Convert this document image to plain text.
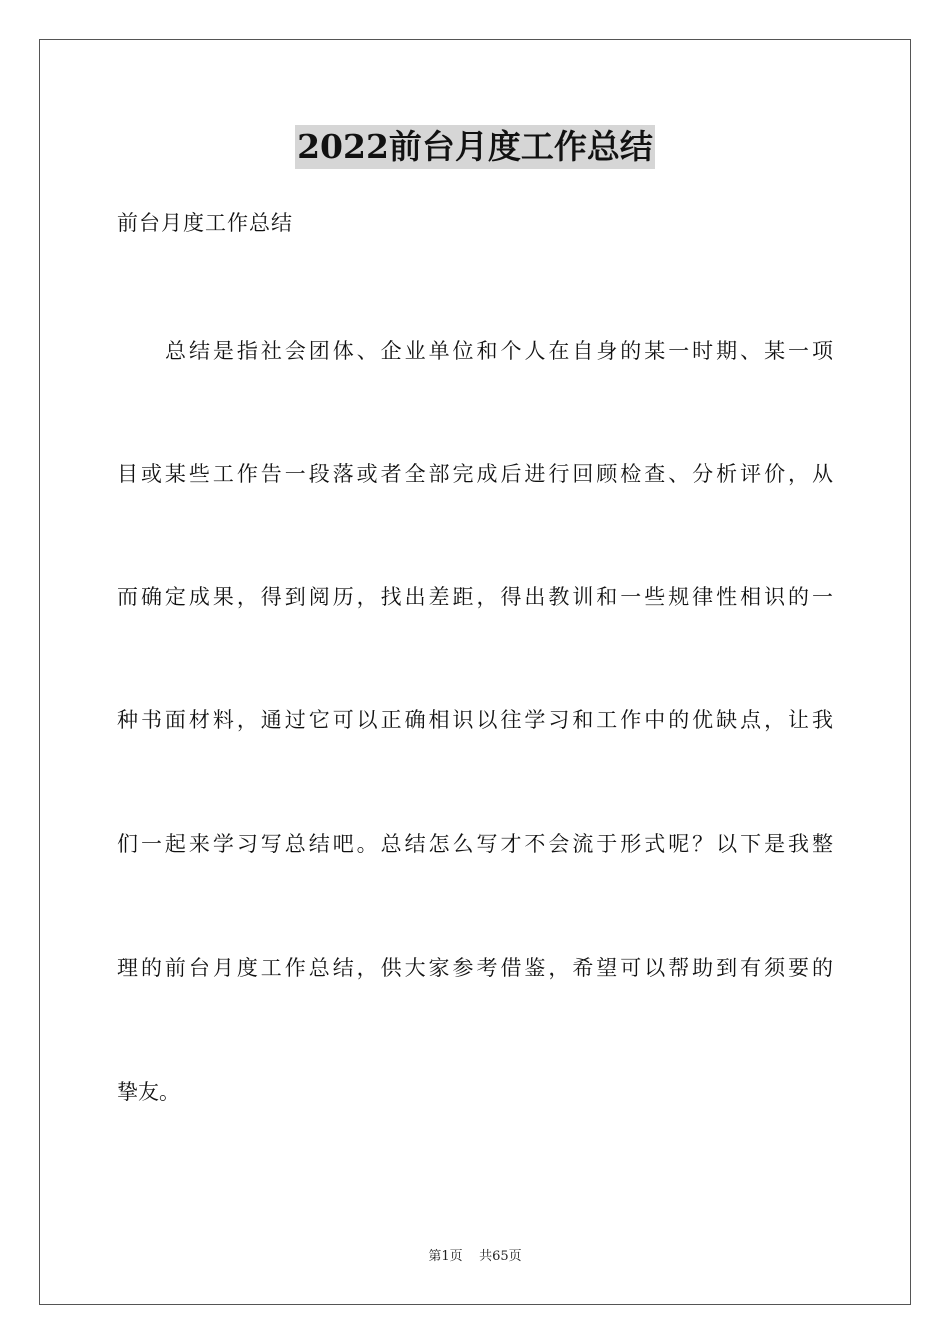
2022前台月度工作总结
前台月度工作总结
总结是指社会团体、企业单位和个人在自身的某一时期、某一项
目或某些工作告一段落或者全部完成后进行回顾检查、分析评价，从
而确定成果，得到阅历，找出差距，得出教训和一些规律性相识的一
种书面材料，通过它可以正确相识以往学习和工作中的优缺点，让我
们一起来学习写总结吧。总结怎么写才不会流于形式呢？以下是我整
理的前台月度工作总结，供大家参考借鉴，希望可以帮助到有须要的
挚友。
第1页 共65页
